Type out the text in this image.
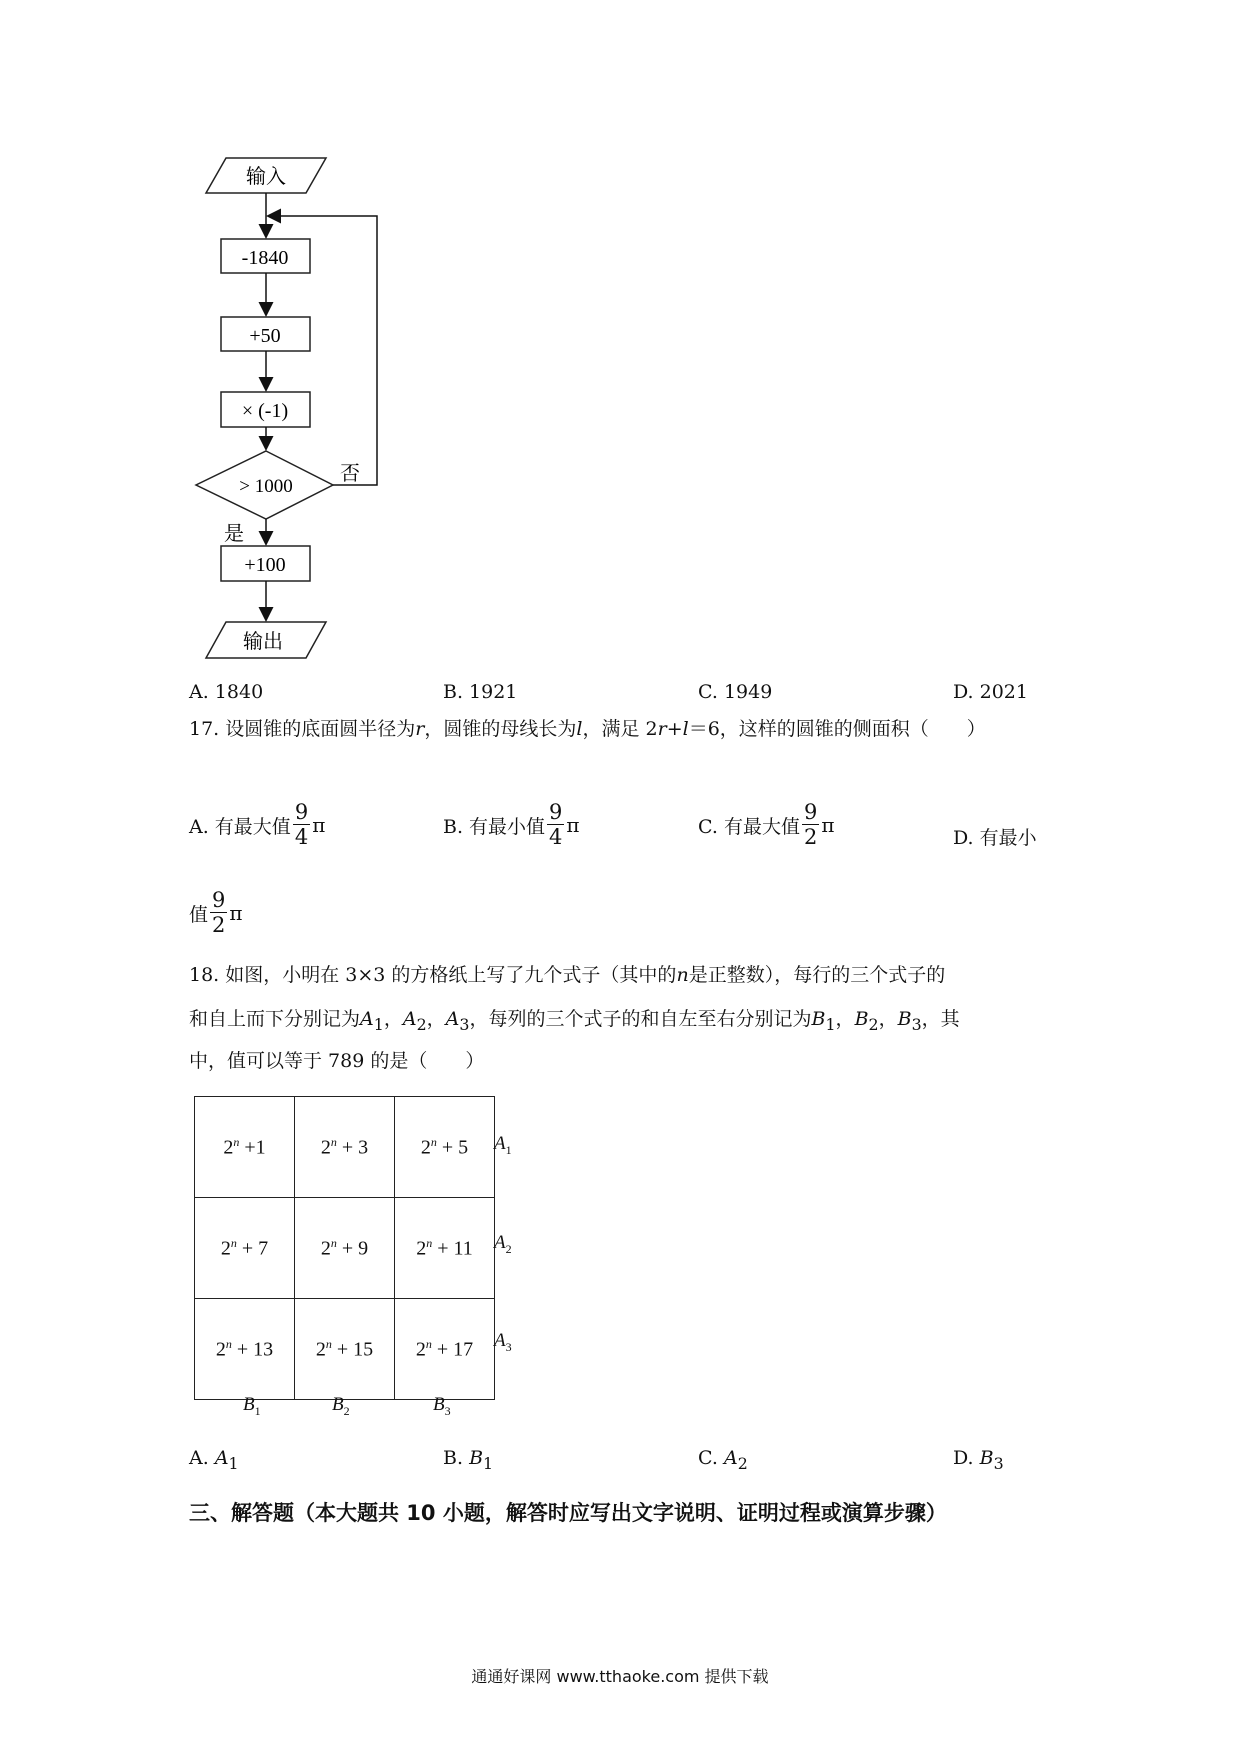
输入
-1840
+50
× (-1)
> 1000
否
是
+100
输出
A. 1840	B. 1921	C. 1949	D. 2021
17. 设圆锥的底面圆半径为r，圆锥的母线长为l，满足 2r+l＝6，这样的圆锥的侧面积（　　）
A. 有最大值 $\frac{9}{4}$ π	B. 有最小值 $\frac{9}{4}$ π	C. 有最大值 $\frac{9}{2}$ π
D. 有最小
值 $\frac{9}{2}$ π
18. 如图，小明在 3×3 的方格纸上写了九个式子（其中的n是正整数），每行的三个式子的
和自上而下分别记为$A_1$，$A_2$，$A_3$，每列的三个式子的和自左至右分别记为$B_1$，$B_2$，$B_3$，其
中，值可以等于 789 的是（　　）
$2^n +1$	$2^n + 3$	$2^n + 5$
$2^n + 7$	$2^n + 9$	$2^n + 11$
$2^n + 13$	$2^n + 15$	$2^n + 17$
$A_1$
$A_2$
$A_3$
$B_1$	$B_2$	$B_3$
A. $A_1$	B. $B_1$	C. $A_2$	D. $B_3$
三、解答题（本大题共 10 小题，解答时应写出文字说明、证明过程或演算步骤）
通通好课网 www.tthaoke.com 提供下载
